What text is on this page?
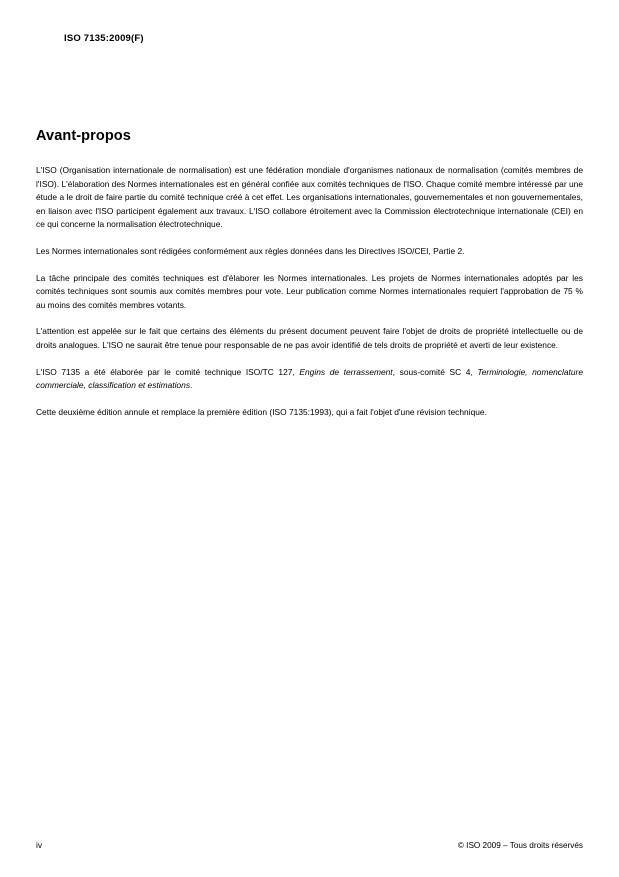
ISO 7135:2009(F)
Avant-propos

L'ISO (Organisation internationale de normalisation) est une fédération mondiale d'organismes nationaux de normalisation (comités membres de l'ISO). L'élaboration des Normes internationales est en général confiée aux comités techniques de l'ISO. Chaque comité membre intéressé par une étude a le droit de faire partie du comité technique créé à cet effet. Les organisations internationales, gouvernementales et non gouvernementales, en liaison avec l'ISO participent également aux travaux. L'ISO collabore étroitement avec la Commission électrotechnique internationale (CEI) en ce qui concerne la normalisation électrotechnique.

Les Normes internationales sont rédigées conformément aux règles données dans les Directives ISO/CEI, Partie 2.

La tâche principale des comités techniques est d'élaborer les Normes internationales. Les projets de Normes internationales adoptés par les comités techniques sont soumis aux comités membres pour vote. Leur publication comme Normes internationales requiert l'approbation de 75 % au moins des comités membres votants.

L'attention est appelée sur le fait que certains des éléments du présent document peuvent faire l'objet de droits de propriété intellectuelle ou de droits analogues. L'ISO ne saurait être tenue pour responsable de ne pas avoir identifié de tels droits de propriété et averti de leur existence.

L'ISO 7135 a été élaborée par le comité technique ISO/TC 127, Engins de terrassement, sous-comité SC 4, Terminologie, nomenclature commerciale, classification et estimations.

Cette deuxième édition annule et remplace la première édition (ISO 7135:1993), qui a fait l'objet d'une révision technique.

iv	© ISO 2009 – Tous droits réservés
